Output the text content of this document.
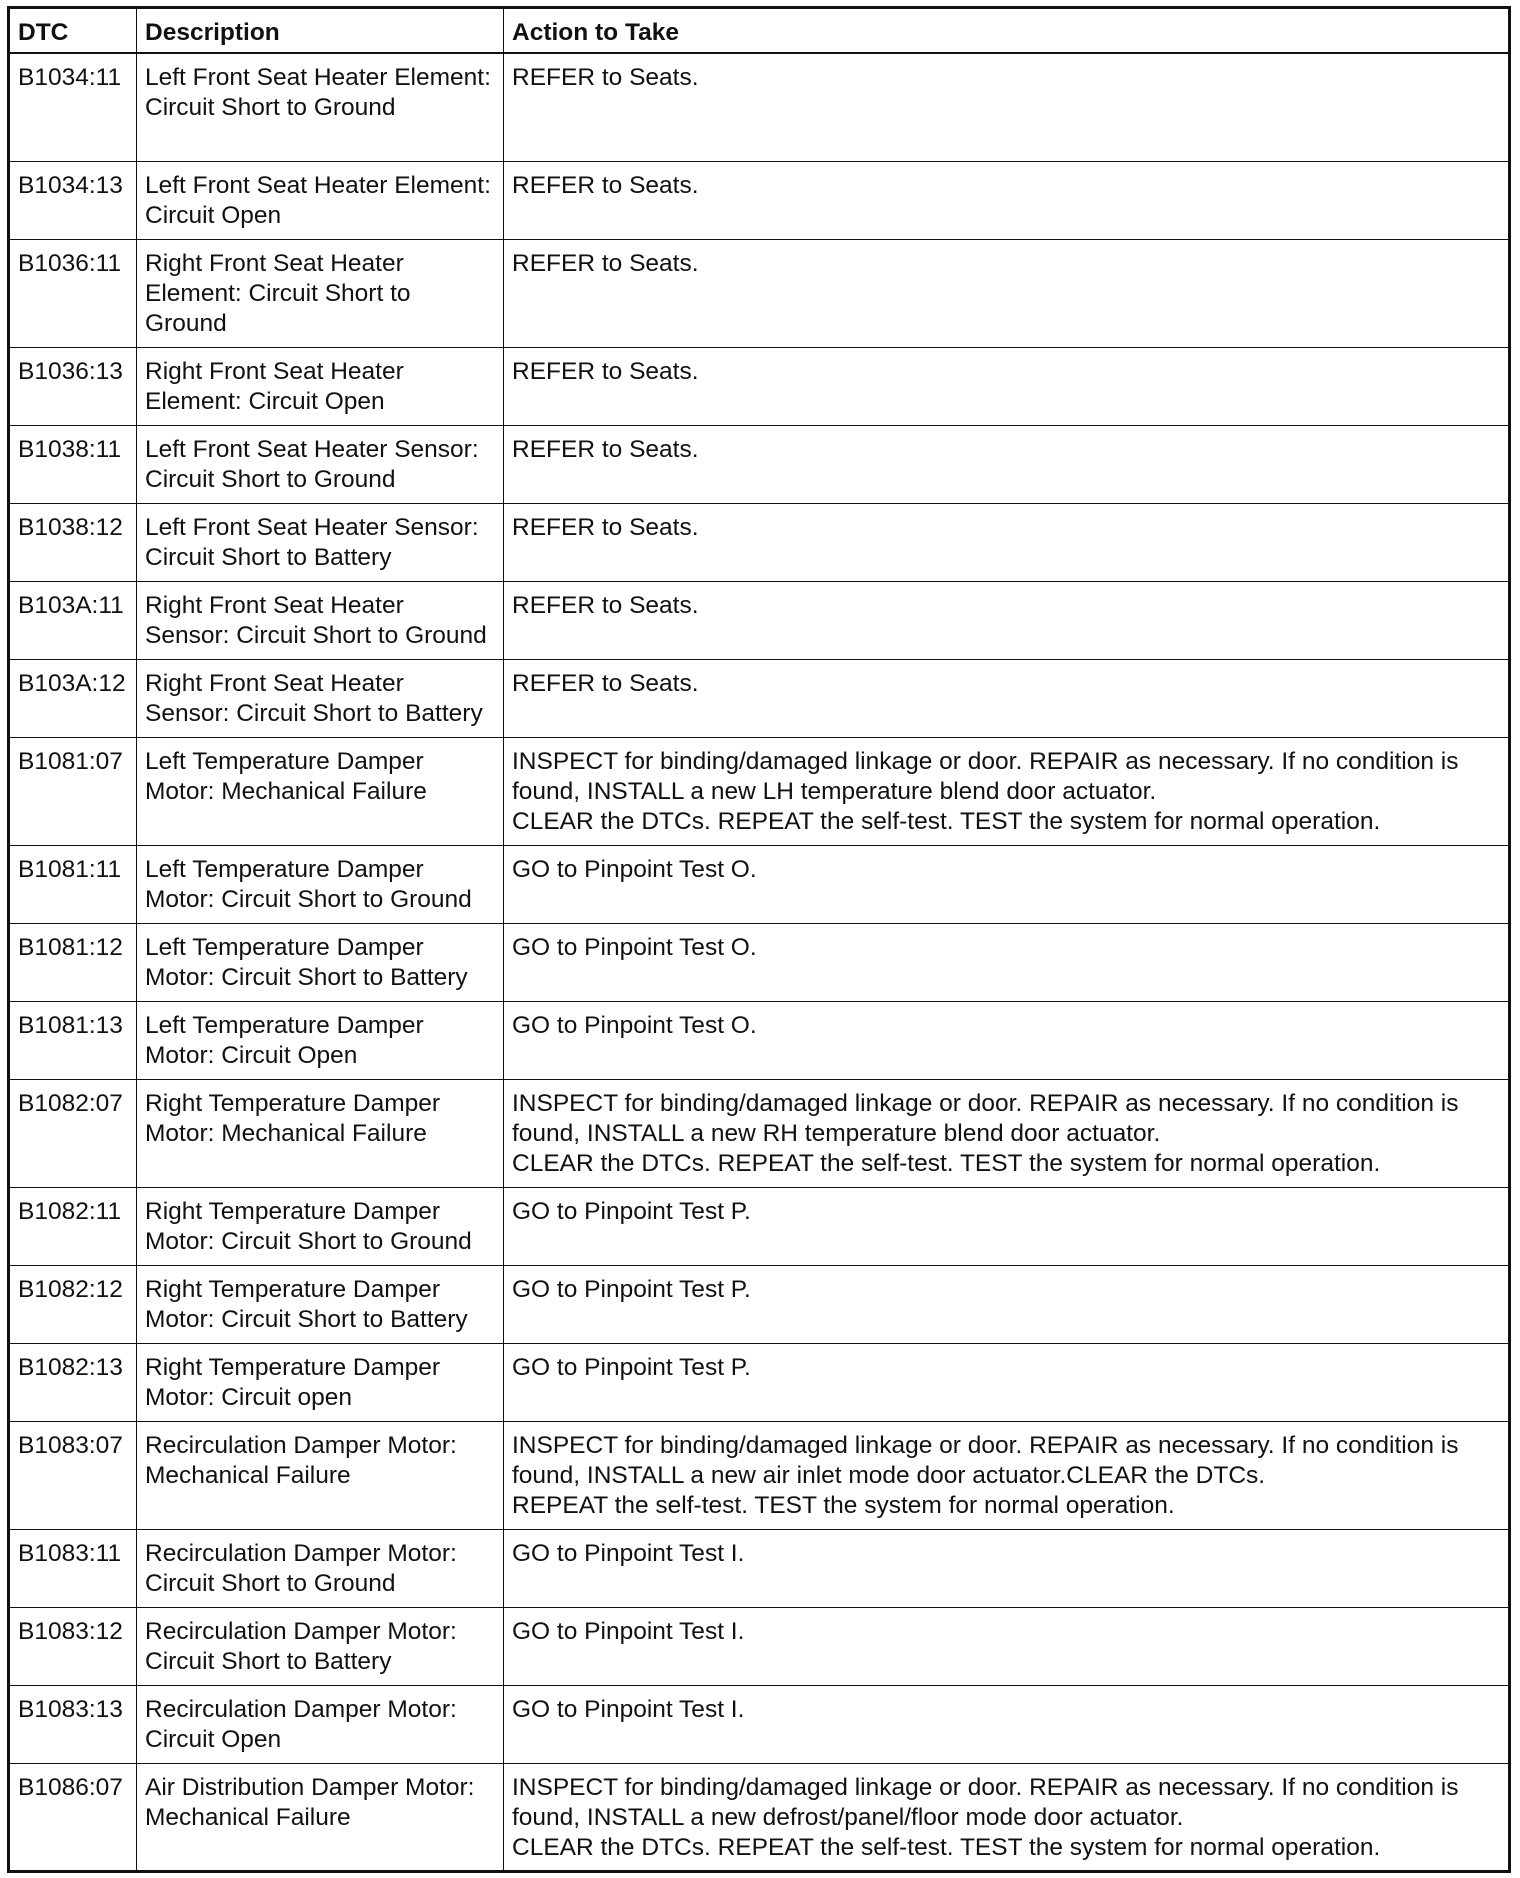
DTC	Description	Action to Take
B1034:11	Left Front Seat Heater Element: Circuit Short to Ground	REFER to Seats.
B1034:13	Left Front Seat Heater Element: Circuit Open	REFER to Seats.
B1036:11	Right Front Seat Heater Element: Circuit Short to Ground	REFER to Seats.
B1036:13	Right Front Seat Heater Element: Circuit Open	REFER to Seats.
B1038:11	Left Front Seat Heater Sensor: Circuit Short to Ground	REFER to Seats.
B1038:12	Left Front Seat Heater Sensor: Circuit Short to Battery	REFER to Seats.
B103A:11	Right Front Seat Heater Sensor: Circuit Short to Ground	REFER to Seats.
B103A:12	Right Front Seat Heater Sensor: Circuit Short to Battery	REFER to Seats.
B1081:07	Left Temperature Damper Motor: Mechanical Failure	INSPECT for binding/damaged linkage or door. REPAIR as necessary. If no condition is found, INSTALL a new LH temperature blend door actuator.
CLEAR the DTCs. REPEAT the self-test. TEST the system for normal operation.
B1081:11	Left Temperature Damper Motor: Circuit Short to Ground	GO to Pinpoint Test O.
B1081:12	Left Temperature Damper Motor: Circuit Short to Battery	GO to Pinpoint Test O.
B1081:13	Left Temperature Damper Motor: Circuit Open	GO to Pinpoint Test O.
B1082:07	Right Temperature Damper Motor: Mechanical Failure	INSPECT for binding/damaged linkage or door. REPAIR as necessary. If no condition is found, INSTALL a new RH temperature blend door actuator.
CLEAR the DTCs. REPEAT the self-test. TEST the system for normal operation.
B1082:11	Right Temperature Damper Motor: Circuit Short to Ground	GO to Pinpoint Test P.
B1082:12	Right Temperature Damper Motor: Circuit Short to Battery	GO to Pinpoint Test P.
B1082:13	Right Temperature Damper Motor: Circuit open	GO to Pinpoint Test P.
B1083:07	Recirculation Damper Motor: Mechanical Failure	INSPECT for binding/damaged linkage or door. REPAIR as necessary. If no condition is found, INSTALL a new air inlet mode door actuator.CLEAR the DTCs.
REPEAT the self-test. TEST the system for normal operation.
B1083:11	Recirculation Damper Motor: Circuit Short to Ground	GO to Pinpoint Test I.
B1083:12	Recirculation Damper Motor: Circuit Short to Battery	GO to Pinpoint Test I.
B1083:13	Recirculation Damper Motor: Circuit Open	GO to Pinpoint Test I.
B1086:07	Air Distribution Damper Motor: Mechanical Failure	INSPECT for binding/damaged linkage or door. REPAIR as necessary. If no condition is found, INSTALL a new defrost/panel/floor mode door actuator.
CLEAR the DTCs. REPEAT the self-test. TEST the system for normal operation.
